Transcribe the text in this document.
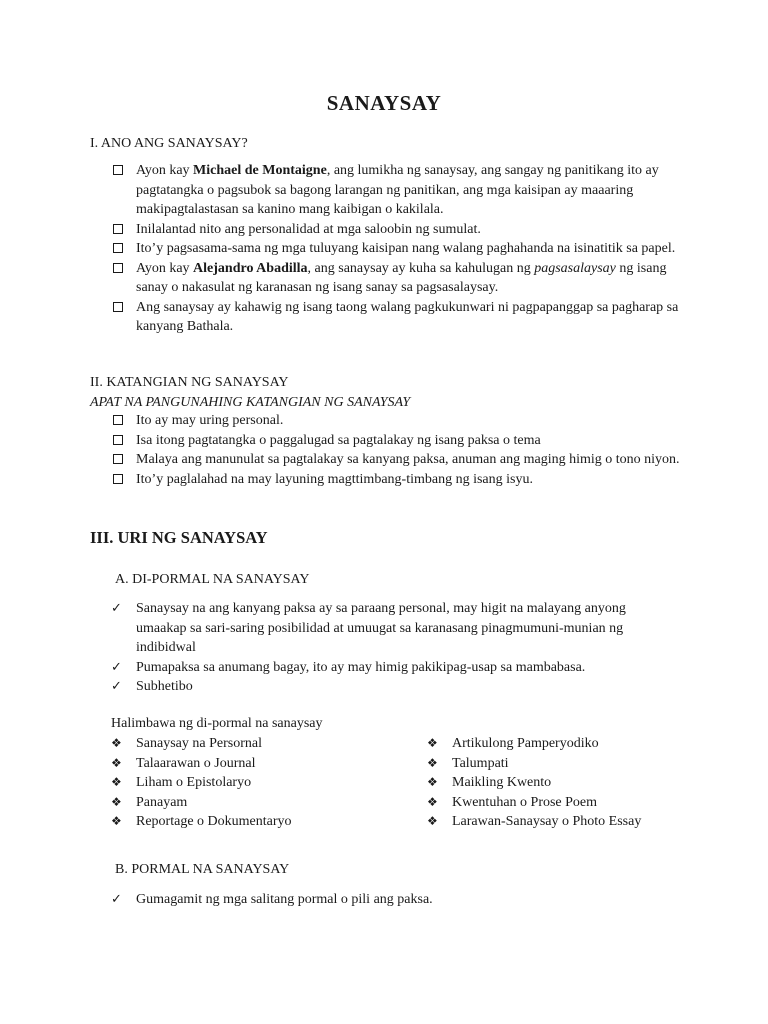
SANAYSAY
I. ANO ANG SANAYSAY?
Ayon kay Michael de Montaigne, ang lumikha ng sanaysay, ang sangay ng panitikang ito ay pagtatangka o pagsubok sa bagong larangan ng panitikan, ang mga kaisipan ay maaaring makipagtalastasan sa kanino mang kaibigan o kakilala.
Inilalantad nito ang personalidad at mga saloobin ng sumulat.
Ito’y pagsasama-sama ng mga tuluyang kaisipan nang walang paghahanda na isinatitik sa papel.
Ayon kay Alejandro Abadilla, ang sanaysay ay kuha sa kahulugan ng pagsasalaysay ng isang sanay o nakasulat ng karanasan ng isang sanay sa pagsasalaysay.
Ang sanaysay ay kahawig ng isang taong walang pagkukunwari ni pagpapanggap sa pagharap sa kanyang Bathala.
II. KATANGIAN NG SANAYSAY
APAT NA PANGUNAHING KATANGIAN NG SANAYSAY
Ito ay may uring personal.
Isa itong pagtatangka o paggalugad sa pagtalakay ng isang paksa o tema
Malaya ang manunulat sa pagtalakay sa kanyang paksa, anuman ang maging himig o tono niyon.
Ito’y paglalahad na may layuning magttimbang-timbang ng isang isyu.
III. URI NG SANAYSAY
A. DI-PORMAL NA SANAYSAY
✓ Sanaysay na ang kanyang paksa ay sa paraang personal, may higit na malayang anyong umaakap sa sari-saring posibilidad at umuugat sa karanasang pinagmumuni-munian ng indibidwal
✓ Pumapaksa sa anumang bagay, ito ay may himig pakikipag-usap sa mambabasa.
✓ Subhetibo
Halimbawa ng di-pormal na sanaysay
❖ Sanaysay na Persornal
❖ Talaarawan o Journal
❖ Liham o Epistolaryo
❖ Panayam
❖ Reportage o Dokumentaryo
❖ Artikulong Pamperyodiko
❖ Talumpati
❖ Maikling Kwento
❖ Kwentuhan o Prose Poem
❖ Larawan-Sanaysay o Photo Essay
B. PORMAL NA SANAYSAY
✓ Gumagamit ng mga salitang pormal o pili ang paksa.
